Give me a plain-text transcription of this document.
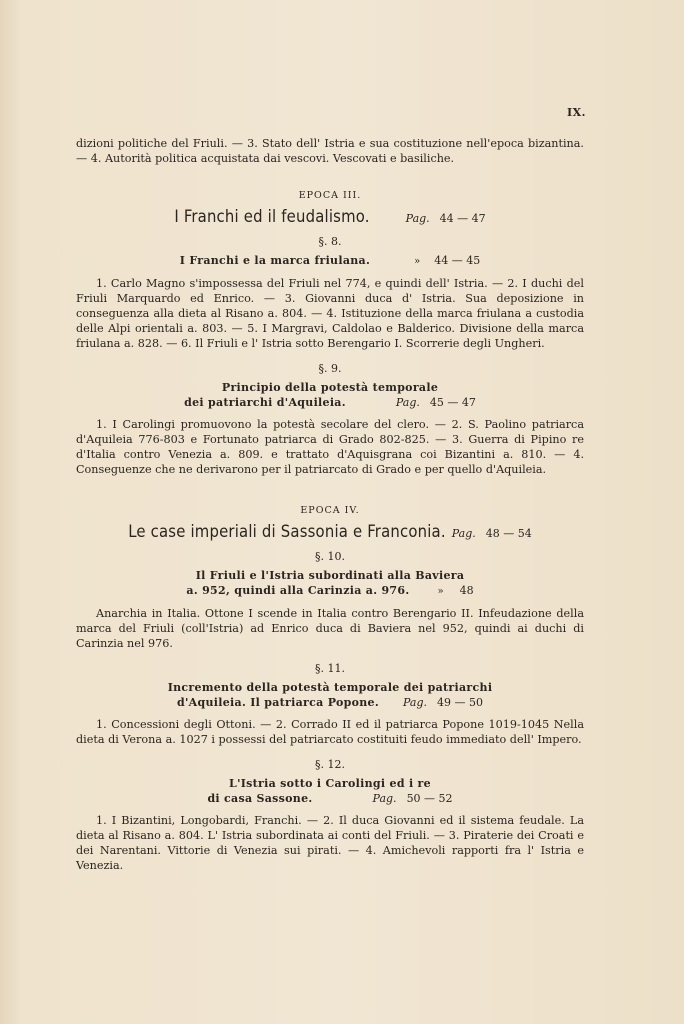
IX.

dizioni politiche del Friuli. — 3. Stato dell' Istria e sua costituzione nell'epoca bizantina. — 4. Autorità politica acquistata dai vescovi. Vescovati e basiliche.

EPOCA III.
I Franchi ed il feudalismo.	Pag. 44 — 47
§. 8.
I Franchi e la marca friulana.	» 44 — 45

1. Carlo Magno s'impossessa del Friuli nel 774, e quindi dell' Istria. — 2. I duchi del Friuli Marquardo ed Enrico. — 3. Giovanni duca d' Istria. Sua deposizione in conseguenza alla dieta al Risano a. 804. — 4. Istituzione della marca friulana a custodia delle Alpi orientali a. 803. — 5. I Margravi, Caldolao e Balderico. Divisione della marca friulana a. 828. — 6. Il Friuli e l' Istria sotto Berengario I. Scorrerie degli Ungheri.

§. 9.
Principio della potestà temporale
dei patriarchi d'Aquileia.	Pag. 45 — 47

1. I Carolingi promuovono la potestà secolare del clero. — 2. S. Paolino patriarca d'Aquileia 776-803 e Fortunato patriarca di Grado 802-825. — 3. Guerra di Pipino re d'Italia contro Venezia a. 809. e trattato d'Aquisgrana coi Bizantini a. 810. — 4. Conseguenze che ne derivarono per il patriarcato di Grado e per quello d'Aquileia.

EPOCA IV.
Le case imperiali di Sassonia e Franconia. Pag. 48 — 54
§. 10.
Il Friuli e l'Istria subordinati alla Baviera
a. 952, quindi alla Carinzia a. 976.	» 48

Anarchia in Italia. Ottone I scende in Italia contro Berengario II. Infeudazione della marca del Friuli (coll'Istria) ad Enrico duca di Baviera nel 952, quindi ai duchi di Carinzia nel 976.

§. 11.
Incremento della potestà temporale dei patriarchi
d'Aquileia. Il patriarca Popone. Pag. 49 — 50

1. Concessioni degli Ottoni. — 2. Corrado II ed il patriarca Popone 1019-1045 Nella dieta di Verona a. 1027 i possessi del patriarcato costituiti feudo immediato dell' Impero.

§. 12.
L'Istria sotto i Carolingi ed i re
di casa Sassone.	Pag. 50 — 52

1. I Bizantini, Longobardi, Franchi. — 2. Il duca Giovanni ed il sistema feudale. La dieta al Risano a. 804. L' Istria subordinata ai conti del Friuli. — 3. Piraterie dei Croati e dei Narentani. Vittorie di Venezia sui pirati. — 4. Amichevoli rapporti fra l' Istria e Venezia.
